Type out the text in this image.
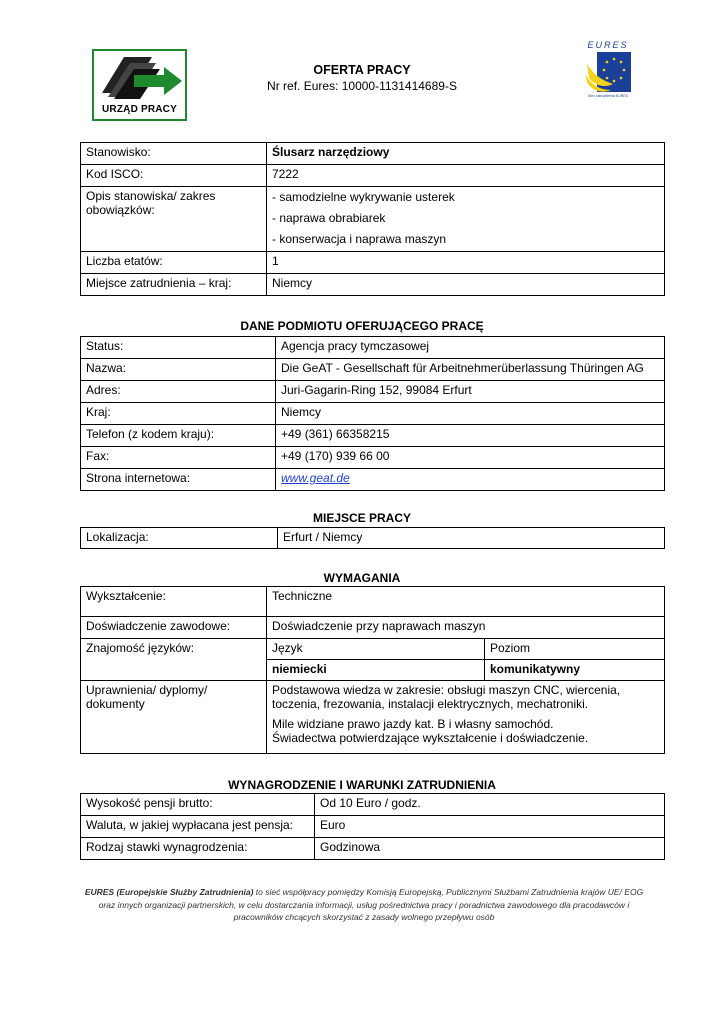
URZĄD PRACY
OFERTA PRACY
Nr ref. Eures: 10000-1131414689-S
EURES
Sieć zatrudnienia EURES
Stanowisko:	Ślusarz narzędziowy
Kod ISCO:	7222
Opis stanowiska/ zakres obowiązków:	- samodzielne wykrywanie usterek
- naprawa obrabiarek
- konserwacja i naprawa maszyn

Liczba etatów:	1
Miejsce zatrudnienia – kraj:	Niemcy
DANE PODMIOTU OFERUJĄCEGO PRACĘ
Status:	Agencja pracy tymczasowej
Nazwa:	Die GeAT - Gesellschaft für Arbeitnehmerüberlassung Thüringen AG
Adres:	Juri-Gagarin-Ring 152, 99084 Erfurt
Kraj:	Niemcy
Telefon (z kodem kraju):	+49 (361) 66358215
Fax:	+49 (170) 939 66 00
Strona internetowa:	www.geat.de
MIEJSCE PRACY
Lokalizacja:	Erfurt / Niemcy
WYMAGANIA
Wykształcenie:	Techniczne	
Doświadczenie zawodowe:	Doświadczenie przy naprawach maszyn	
Znajomość języków:	Język	Poziom
	niemiecki	komunikatywny
Uprawnienia/ dyplomy/ dokumenty	Podstawowa wiedza w zakresie: obsługi maszyn CNC, wiercenia, toczenia, frezowania, instalacji elektrycznych, mechatroniki.
Mile widziane prawo jazdy kat. B i własny samochód.
Świadectwa potwierdzające wykształcenie i doświadczenie.	
WYNAGRODZENIE I WARUNKI ZATRUDNIENIA
Wysokość pensji brutto:	Od 10 Euro / godz.
Waluta, w jakiej wypłacana jest pensja:	Euro
Rodzaj stawki wynagrodzenia:	Godzinowa
EURES (Europejskie Służby Zatrudnienia) to sieć współpracy pomiędzy Komisją Europejską, Publicznymi Służbami Zatrudnienia krajów UE/ EOG oraz innych organizacji partnerskich, w celu dostarczania informacji, usług pośrednictwa pracy i poradnictwa zawodowego dla pracodawców i pracowników chcących skorzystać z zasady wolnego przepływu osób
